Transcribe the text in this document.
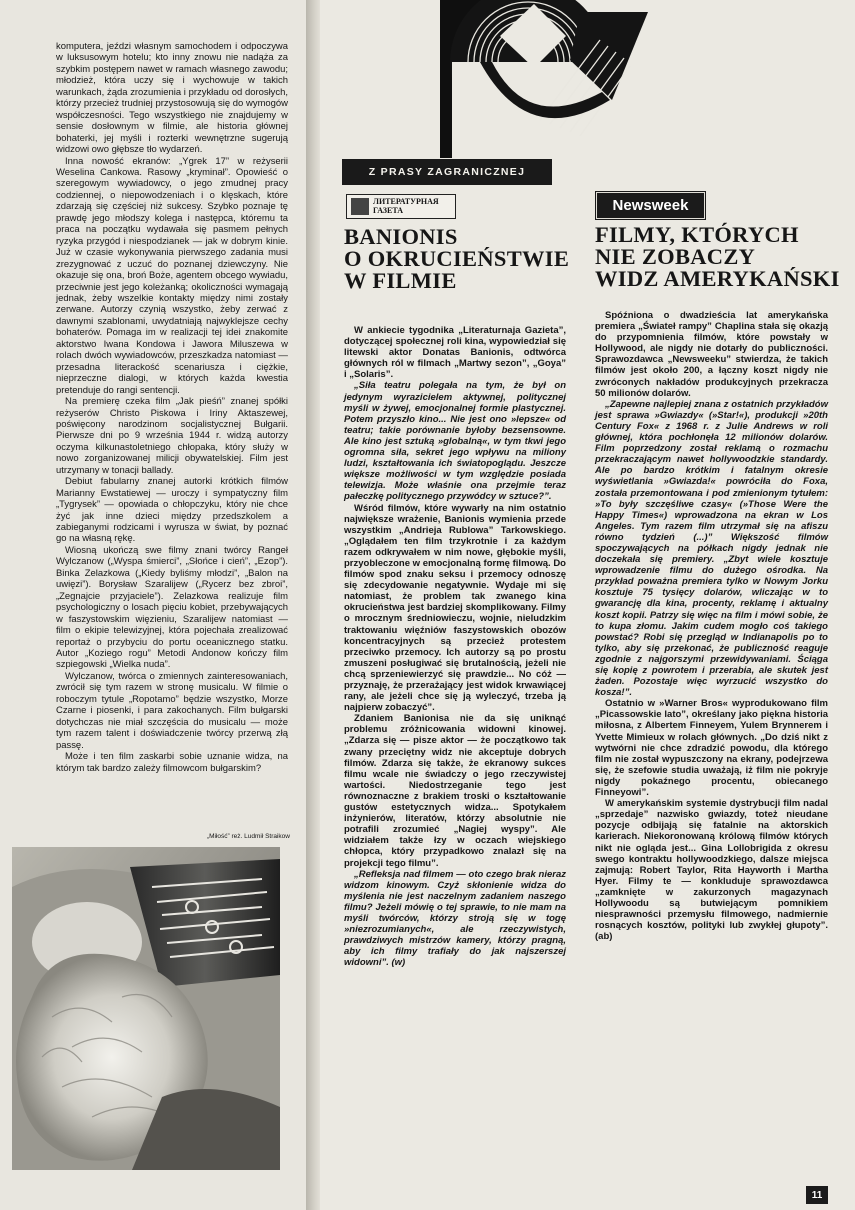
komputera, jeździ własnym samochodem i odpoczywa w luksusowym hotelu; kto inny znowu nie nadąża za szybkim postępem nawet w ramach własnego zawodu; młodzież, która uczy się i wychowuje w takich warunkach, żąda zrozumienia i przykładu od dorosłych, którzy przecież trudniej przystosowują się do wymogów współczesności. Tego wszystkiego nie znajdujemy w sensie dosłownym w filmie, ale historia głównej bohaterki, jej myśli i rozterki wewnętrzne sugerują widzowi owo głębsze tło wydarzeń.

Inna nowość ekranów: „Ygrek 17” w reżyserii Weselina Cankowa. Rasowy „kryminał”. Opowieść o szeregowym wywiadowcy, o jego zmudnej pracy codziennej, o niepowodzeniach i o klęskach, które zdarzają się częściej niż sukcesy. Szybko poznaje tę prawdę jego młodszy kolega i następca, któremu ta praca na początku wydawała się pasmem pełnych ryzyka przygód i niespodzianek — jak w dobrym kinie. Już w czasie wykonywania pierwszego zadania musi zrezygnować z uczuć do poznanej dziewczyny. Nie okazuje się ona, broń Boże, agentem obcego wywiadu, przeciwnie jest jego koleżanką; okoliczności wymagają jednak, żeby wszelkie kontakty między nimi zostały zerwane. Autorzy czynią wszystko, żeby zerwać z dawnymi szablonami, uwydatniają najwyklejsze cechy bohaterów. Pomaga im w realizacji tej idei znakomite aktorstwo Iwana Kondowa i Jawora Miluszewa w rolach dwóch wywiadowców, przeszkadza natomiast — przesadna literackość scenariusza i ciężkie, nieprzeczne dialogi, w których każda kwestia pretenduje do rangi sentencji.

Na premierę czeka film „Jak pieśń” znanej spółki reżyserów Christo Piskowa i Iriny Aktaszewej, poświęcony narodzinom socjalistycznej Bułgarii. Pierwsze dni po 9 września 1944 r. widzą autorzy oczyma kilkunastoletniego chłopaka, który służy w nowo zorganizowanej milicji obywatelskiej. Film jest utrzymany w tonacji ballady.

Debiut fabularny znanej autorki krótkich filmów Marianny Ewstatiewej — uroczy i sympatyczny film „Tygrysek” — opowiada o chłopczyku, który nie chce żyć jak inne dzieci między przedszkolem a zabieganymi rodzicami i wyrusza w świat, by poznać go na własną rękę.

Wiosną ukończą swe filmy znani twórcy Rangeł Wylczanow („Wyspa śmierci”, „Słońce i cień”, „Ezop”). Binka Zelazkowa („Kiedy byliśmy młodzi”, „Balon na uwięzi”). Borysław Szaralijew („Rycerz bez zbroi”, „Zegnajcie przyjaciele”). Zelazkowa realizuje film psychologiczny o losach pięciu kobiet, przebywających w faszystowskim więzieniu, Szaralijew natomiast — film o ekipie telewizyjnej, która pojechała zrealizować reportaż o przybyciu do portu oceanicznego statku. Autor „Koziego rogu” Metodi Andonow kończy film szpiegowski „Wielka nuda”.

Wylczanow, twórca o zmiennych zainteresowaniach, zwrócił się tym razem w stronę musicalu. W filmie o roboczym tytule „Ropotamo” będzie wszystko, Morze Czarne i piosenki, i para zakochanych. Film bułgarski dotychczas nie miał szczęścia do musicalu — może tym razem talent i doświadczenie twórcy przerwą złą passę.

Może i ten film zaskarbi sobie uznanie widza, na którym tak bardzo zależy filmowcom bułgarskim?

„Miłość” reż. Ludmił Straikow
Z PRASY ZAGRANICZNEJ
ЛИТЕРАТУРНАЯ
ГАЗЕТА
BANIONIS
O OKRUCIEŃSTWIE
W FILMIE

W ankiecie tygodnika „Literaturnaja Gazieta”, dotyczącej społecznej roli kina, wypowiedział się litewski aktor Donatas Banionis, odtwórca głównych ról w filmach „Martwy sezon”, „Goya” i „Solaris”.

„Siła teatru polegała na tym, że był on jedynym wyrazicielem aktywnej, politycznej myśli w żywej, emocjonalnej formie plastycznej. Potem przyszło kino... Nie jest ono »lepsze« od teatru; takie porównanie byłoby bezsensowne. Ale kino jest sztuką »globalną«, w tym tkwi jego ogromna siła, sekret jego wpływu na miliony ludzi, kształtowania ich światopoglądu. Jeszcze większe możliwości w tym względzie posiada telewizja. Może właśnie ona przejmie teraz pałeczkę politycznego przywódcy w sztuce?”.

Wśród filmów, które wywarły na nim ostatnio największe wrażenie, Banionis wymienia przede wszystkim „Andrieja Rublowa” Tarkowskiego. „Oglądałem ten film trzykrotnie i za każdym razem odkrywałem w nim nowe, głębokie myśli, przyobleczone w emocjonalną formę filmową. Do filmów spod znaku seksu i przemocy odnoszę się zdecydowanie negatywnie. Wydaje mi się natomiast, że problem tak zwanego kina okrucieństwa jest bardziej skomplikowany. Filmy o mrocznym średniowieczu, wojnie, nieludzkim traktowaniu więźniów faszystowskich obozów koncentracyjnych są przecież protestem przeciwko przemocy. Ich autorzy są po prostu zmuszeni posługiwać się brutalnością, jeżeli nie chcą sprzeniewierzyć się prawdzie... No cóż — przyznaję, że przerażający jest widok krwawiącej rany, ale jeżeli chce się ją wyleczyć, trzeba ją najpierw zobaczyć”.

Zdaniem Banionisa nie da się uniknąć problemu zróżnicowania widowni kinowej. „Zdarza się — pisze aktor — że początkowo tak zwany przeciętny widz nie akceptuje dobrych filmów. Zdarza się także, że ekranowy sukces filmu wcale nie świadczy o jego rzeczywistej wartości. Niedostrzeganie tego jest równoznaczne z brakiem troski o kształtowanie gustów estetycznych widza... Spotykałem inżynierów, literatów, którzy absolutnie nie potrafili zrozumieć „Nagiej wyspy”. Ale widziałem także łzy w oczach wiejskiego chłopca, który przypadkowo znalazł się na projekcji tego filmu”.

„Refleksja nad filmem — oto czego brak nieraz widzom kinowym. Czyż skłonienie widza do myślenia nie jest naczelnym zadaniem naszego filmu? Jeżeli mówię o tej sprawie, to nie mam na myśli twórców, którzy stroją się w togę »niezrozumianych«, ale rzeczywistych, prawdziwych mistrzów kamery, którzy pragną, aby ich filmy trafiały do jak najszerszej widowni”. (w)

Newsweek
FILMY, KTÓRYCH
NIE ZOBACZY
WIDZ AMERYKAŃSKI

Spóźniona o dwadzieścia lat amerykańska premiera „Świateł rampy” Chaplina stała się okazją do przypomnienia filmów, które powstały w Hollywood, ale nigdy nie dotarły do publiczności. Sprawozdawca „Newsweeku” stwierdza, że takich filmów jest około 200, a łączny koszt nigdy nie zwróconych nakładów produkcyjnych przekracza 50 milionów dolarów.

„Zapewne najlepiej znana z ostatnich przykładów jest sprawa »Gwiazdy« (»Star!«), produkcji »20th Century Fox« z 1968 r. z Julie Andrews w roli głównej, która pochłonęła 12 milionów dolarów. Film poprzedzony został reklamą o rozmachu przekraczającym nawet hollywoodzkie standardy. Ale po bardzo krótkim i fatalnym okresie wyświetlania »Gwiazda!« powróciła do Foxa, została przemontowana i pod zmienionym tytułem: »To były szczęśliwe czasy« (»Those Were the Happy Times«) wprowadzona na ekran w Los Angeles. Tym razem film utrzymał się na afiszu równo tydzień (...)” Większość filmów spoczywających na półkach nigdy jednak nie doczekała się premiery. „Zbyt wiele kosztuje wprowadzenie filmu do dużego ośrodka. Na przykład poważna premiera tylko w Nowym Jorku kosztuje 75 tysięcy dolarów, wliczając w to gwarancję dla kina, procenty, reklamę i aktualny koszt kopii. Patrzy się więc na film i mówi sobie, że to kupa złomu. Jakim cudem mogło coś takiego powstać? Robi się przegląd w Indianapolis po to tylko, aby się przekonać, że publiczność reaguje zgodnie z najgorszymi przewidywaniami. Ściąga się kopię z powrotem i przerabia, ale skutek jest żaden. Pozostaje więc wyrzucić wszystko do kosza!”.

Ostatnio w »Warner Bros« wyprodukowano film „Picassowskie lato”, określany jako piękna historia miłosna, z Albertem Finneyem, Yulem Brynnerem i Yvette Mimieux w rolach głównych. „Do dziś nikt z wytwórni nie chce zdradzić powodu, dla którego film nie został wypuszczony na ekrany, podejrzewa się, że szefowie studia uważają, iż film nie pokryje nigdy pokaźnego procentu, obiecanego Finneyowi”.

W amerykańskim systemie dystrybucji film nadal „sprzedaje” nazwisko gwiazdy, toteż nieudane pozycje odbijają się fatalnie na aktorskich karierach. Niekoronowaną królową filmów których nikt nie ogląda jest... Gina Lollobrigida z okresu swego kontraktu hollywoodzkiego, dalsze miejsca zajmują: Robert Taylor, Rita Hayworth i Martha Hyer. Filmy te — konkluduje sprawozdawca „zamknięte w zakurzonych magazynach Hollywoodu są butwiejącym pomnikiem niesprawności przemysłu filmowego, nadmiernie rosnących kosztów, polityki lub zwykłej głupoty”. (ab)

11
